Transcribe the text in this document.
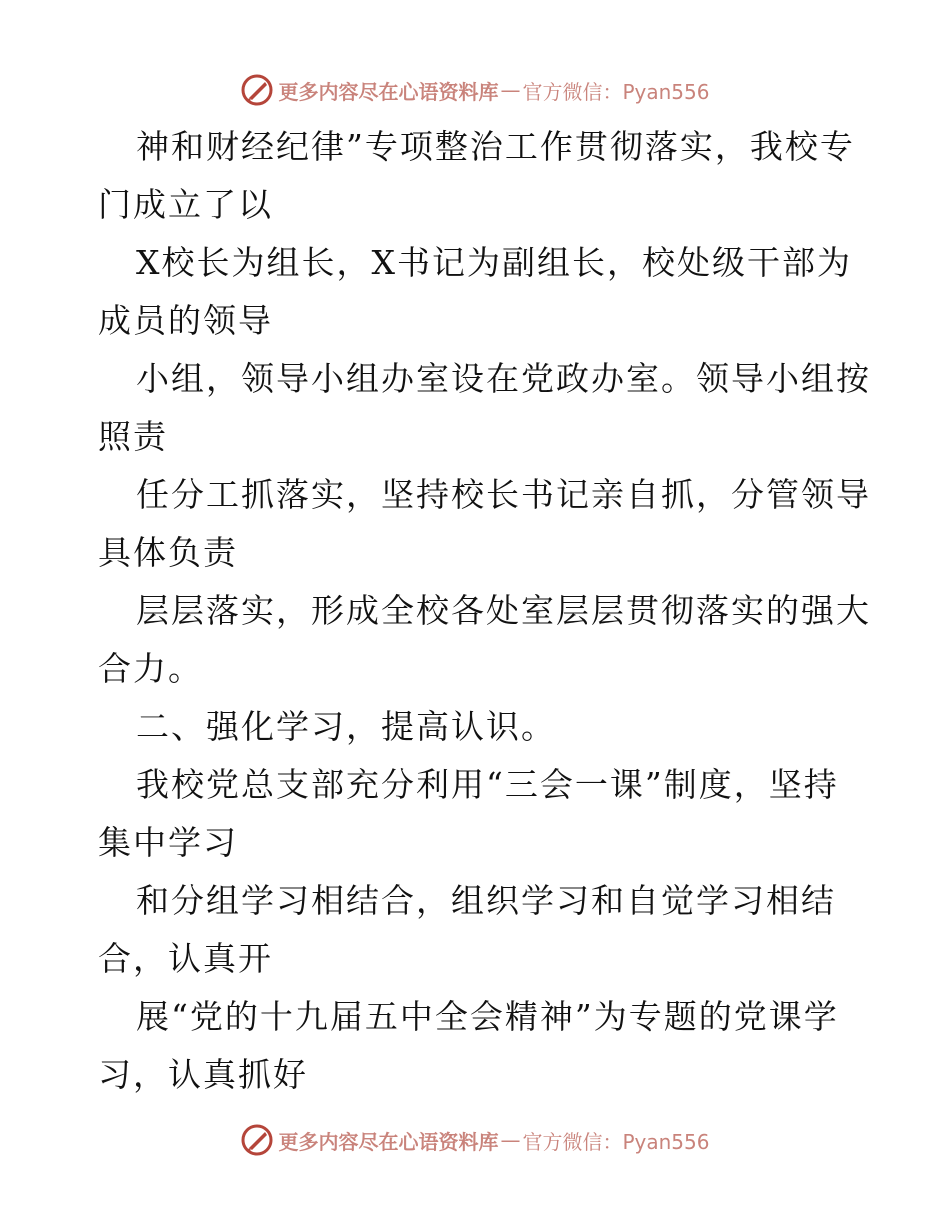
更多内容尽在心语资料库 — 官方微信：Pyan556
神和财经纪律”专项整治工作贯彻落实，我校专
门成立了以
X校长为组长，X书记为副组长，校处级干部为
成员的领导
小组，领导小组办室设在党政办室。领导小组按
照责
任分工抓落实，坚持校长书记亲自抓，分管领导
具体负责
层层落实，形成全校各处室层层贯彻落实的强大
合力。
二、强化学习，提高认识。
我校党总支部充分利用“三会一课”制度，坚持
集中学习
和分组学习相结合，组织学习和自觉学习相结
合，认真开
展“党的十九届五中全会精神”为专题的党课学
习，认真抓好
更多内容尽在心语资料库 — 官方微信：Pyan556
